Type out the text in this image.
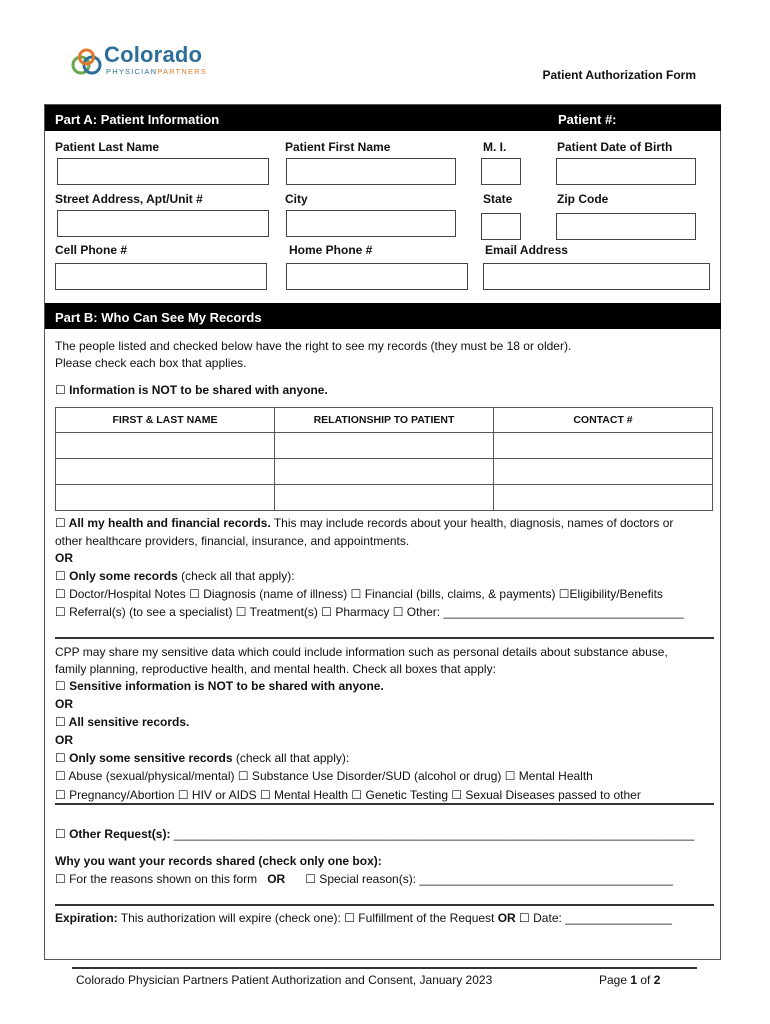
Colorado
PHYSICIANPARTNERS	Patient Authorization Form
Part A: Patient Information	Patient #:
Patient Last Name	Patient First Name	M. I.	Patient Date of Birth
Street Address, Apt/Unit #	City	State	Zip Code
Cell Phone #	Home Phone #	Email Address
Part B: Who Can See My Records
The people listed and checked below have the right to see my records (they must be 18 or older).
Please check each box that applies.
☐ Information is NOT to be shared with anyone.
FIRST & LAST NAME	RELATIONSHIP TO PATIENT	CONTACT #

☐ All my health and financial records. This may include records about your health, diagnosis, names of doctors or
other healthcare providers, financial, insurance, and appointments.
OR
☐ Only some records (check all that apply):
☐ Doctor/Hospital Notes ☐ Diagnosis (name of illness) ☐ Financial (bills, claims, & payments) ☐Eligibility/Benefits
☐ Referral(s) (to see a specialist) ☐ Treatment(s) ☐ Pharmacy ☐ Other: ____________________________________
CPP may share my sensitive data which could include information such as personal details about substance abuse,
family planning, reproductive health, and mental health. Check all boxes that apply:
☐ Sensitive information is NOT to be shared with anyone.
OR
☐ All sensitive records.
OR
☐ Only some sensitive records (check all that apply):
☐ Abuse (sexual/physical/mental) ☐ Substance Use Disorder/SUD (alcohol or drug) ☐ Mental Health
☐ Pregnancy/Abortion ☐ HIV or AIDS ☐ Mental Health ☐ Genetic Testing ☐ Sexual Diseases passed to other
☐ Other Request(s): ______________________________________________________________________________
Why you want your records shared (check only one box):
☐ For the reasons shown on this form OR ☐ Special reason(s): ______________________________________
Expiration: This authorization will expire (check one): ☐ Fulfillment of the Request OR ☐ Date: ________________
Colorado Physician Partners Patient Authorization and Consent, January 2023	Page 1 of 2
